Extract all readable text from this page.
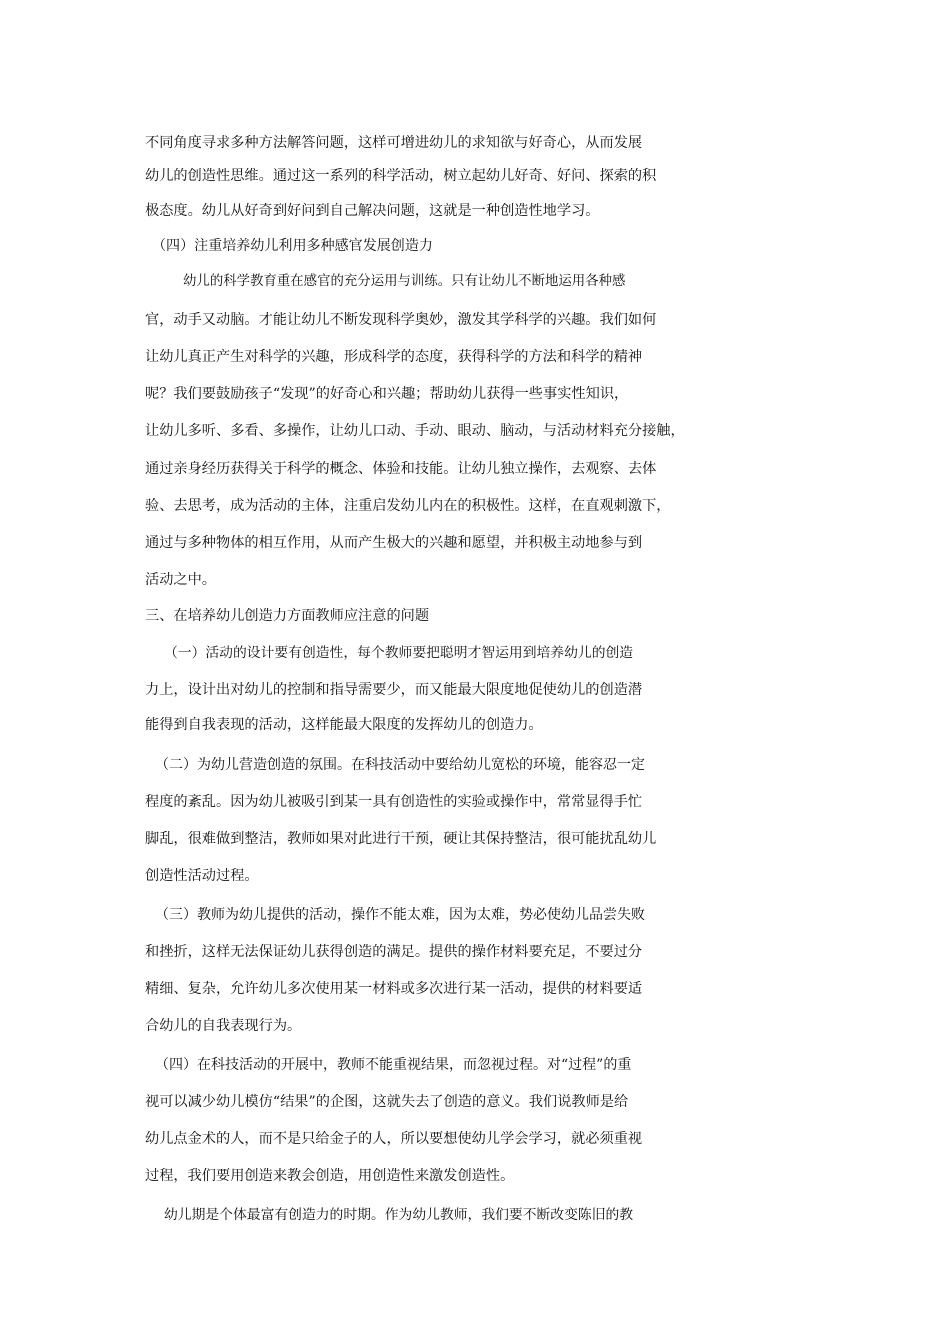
不同角度寻求多种方法解答问题，这样可增进幼儿的求知欲与好奇心，从而发展
幼儿的创造性思维。通过这一系列的科学活动，树立起幼儿好奇、好问、探索的积
极态度。幼儿从好奇到好问到自己解决问题，这就是一种创造性地学习。
（四）注重培养幼儿利用多种感官发展创造力
幼儿的科学教育重在感官的充分运用与训练。只有让幼儿不断地运用各种感
官，动手又动脑。才能让幼儿不断发现科学奥妙，激发其学科学的兴趣。我们如何
让幼儿真正产生对科学的兴趣，形成科学的态度，获得科学的方法和科学的精神
呢？我们要鼓励孩子“发现”的好奇心和兴趣；帮助幼儿获得一些事实性知识，
让幼儿多听、多看、多操作，让幼儿口动、手动、眼动、脑动，与活动材料充分接触，
通过亲身经历获得关于科学的概念、体验和技能。让幼儿独立操作，去观察、去体
验、去思考，成为活动的主体，注重启发幼儿内在的积极性。这样，在直观刺激下，
通过与多种物体的相互作用，从而产生极大的兴趣和愿望，并积极主动地参与到
活动之中。
三、在培养幼儿创造力方面教师应注意的问题
（一）活动的设计要有创造性，每个教师要把聪明才智运用到培养幼儿的创造
力上，设计出对幼儿的控制和指导需要少，而又能最大限度地促使幼儿的创造潜
能得到自我表现的活动，这样能最大限度的发挥幼儿的创造力。
（二）为幼儿营造创造的氛围。在科技活动中要给幼儿宽松的环境，能容忍一定
程度的紊乱。因为幼儿被吸引到某一具有创造性的实验或操作中，常常显得手忙
脚乱，很难做到整洁，教师如果对此进行干预，硬让其保持整洁，很可能扰乱幼儿
创造性活动过程。
（三）教师为幼儿提供的活动，操作不能太难，因为太难，势必使幼儿品尝失败
和挫折，这样无法保证幼儿获得创造的满足。提供的操作材料要充足，不要过分
精细、复杂，允许幼儿多次使用某一材料或多次进行某一活动，提供的材料要适
合幼儿的自我表现行为。
（四）在科技活动的开展中，教师不能重视结果，而忽视过程。对“过程”的重
视可以减少幼儿模仿“结果”的企图，这就失去了创造的意义。我们说教师是给
幼儿点金术的人，而不是只给金子的人，所以要想使幼儿学会学习，就必须重视
过程，我们要用创造来教会创造，用创造性来激发创造性。
幼儿期是个体最富有创造力的时期。作为幼儿教师，我们要不断改变陈旧的教
